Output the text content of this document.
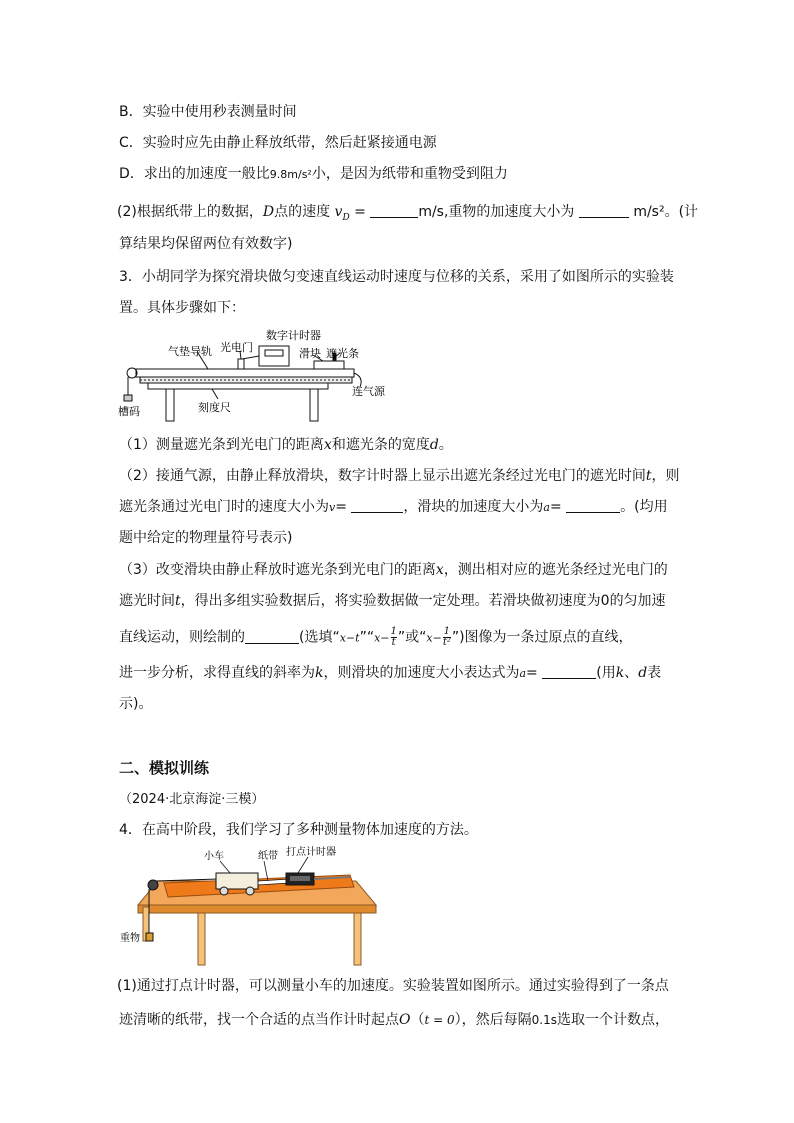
B．实验中使用秒表测量时间
C．实验时应先由静止释放纸带，然后赶紧接通电源
D．求出的加速度一般比9.8m/s²小，是因为纸带和重物受到阻力
(2)根据纸带上的数据，D点的速度 $v_D$ =	m/s,重物的加速度大小为	m/s²。(计
算结果均保留两位有效数字)
3．小胡同学为探究滑块做匀变速直线运动时速度与位移的关系，采用了如图所示的实验装
置。具体步骤如下：
数字计时器
气垫导轨 光电门	滑块 遮光条
连气源
槽码	刻度尺
（1）测量遮光条到光电门的距离x和遮光条的宽度d。
（2）接通气源，由静止释放滑块，数字计时器上显示出遮光条经过光电门的遮光时间t，则
遮光条通过光电门时的速度大小为v=	，滑块的加速度大小为a=	。(均用
题中给定的物理量符号表示)
（3）改变滑块由静止释放时遮光条到光电门的距离x，测出相对应的遮光条经过光电门的
遮光时间t，得出多组实验数据后，将实验数据做一定处理。若滑块做初速度为0的匀加速
直线运动，则绘制的	(选填“x−t”“x− $\frac{1}{t}$ ”或“$x- \frac{1}{\text{t²}}$ ”)图像为一条过原点的直线，
进一步分析，求得直线的斜率为k，则滑块的加速度大小表达式为a=	(用k、d表
示)。
二、模拟训练
（2024·北京海淀·三模）
4．在高中阶段，我们学习了多种测量物体加速度的方法。
小车	纸带 打点计时器
重物
(1)通过打点计时器，可以测量小车的加速度。实验装置如图所示。通过实验得到了一条点
迹清晰的纸带，找一个合适的点当作计时起点O（t = 0），然后每隔0.1s选取一个计数点，
